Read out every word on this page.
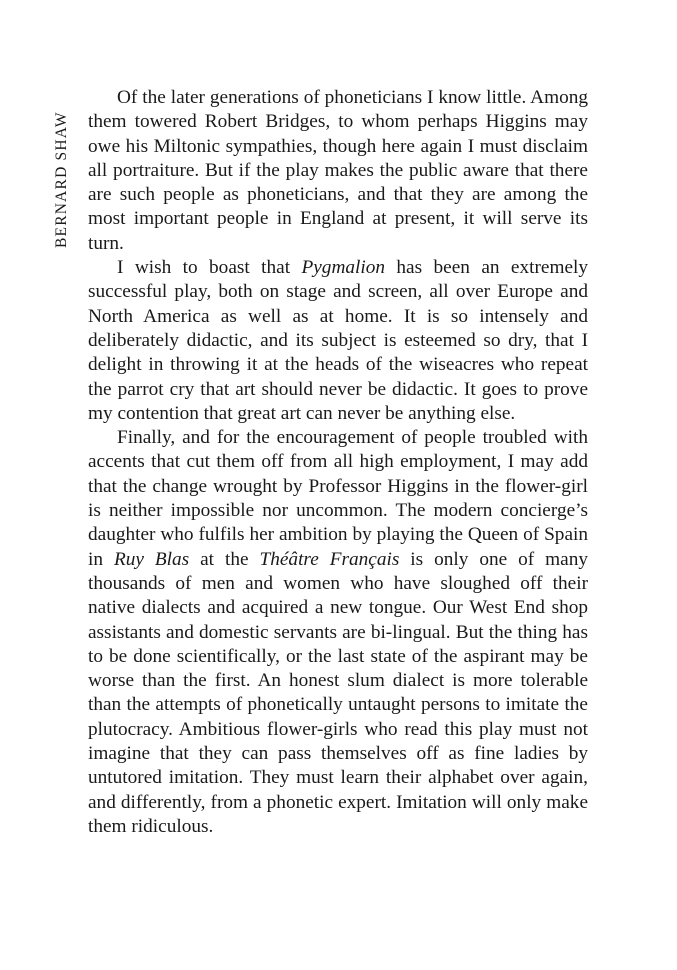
BERNARD SHAW

Of the later generations of phoneticians I know little. Among them towered Robert Bridges, to whom perhaps Higgins may owe his Miltonic sympathies, though here again I must disclaim all portraiture. But if the play makes the public aware that there are such people as phoneticians, and that they are among the most important people in England at present, it will serve its turn.

I wish to boast that Pygmalion has been an extremely successful play, both on stage and screen, all over Europe and North America as well as at home. It is so intensely and deliberately didactic, and its subject is esteemed so dry, that I delight in throwing it at the heads of the wiseacres who repeat the parrot cry that art should never be didactic. It goes to prove my contention that great art can never be anything else.

Finally, and for the encouragement of people troubled with accents that cut them off from all high employment, I may add that the change wrought by Professor Higgins in the flower-girl is neither impossible nor uncommon. The modern concierge’s daughter who fulfils her ambition by playing the Queen of Spain in Ruy Blas at the Théâtre Français is only one of many thousands of men and women who have sloughed off their native dialects and acquired a new tongue. Our West End shop assistants and domestic servants are bi-lingual. But the thing has to be done scientifically, or the last state of the aspirant may be worse than the first. An honest slum dialect is more tolerable than the attempts of phonetically untaught persons to imitate the plutocracy. Ambitious flower-girls who read this play must not imagine that they can pass themselves off as fine ladies by untutored imitation. They must learn their alphabet over again, and differently, from a phonetic expert. Imitation will only make them ridiculous.
